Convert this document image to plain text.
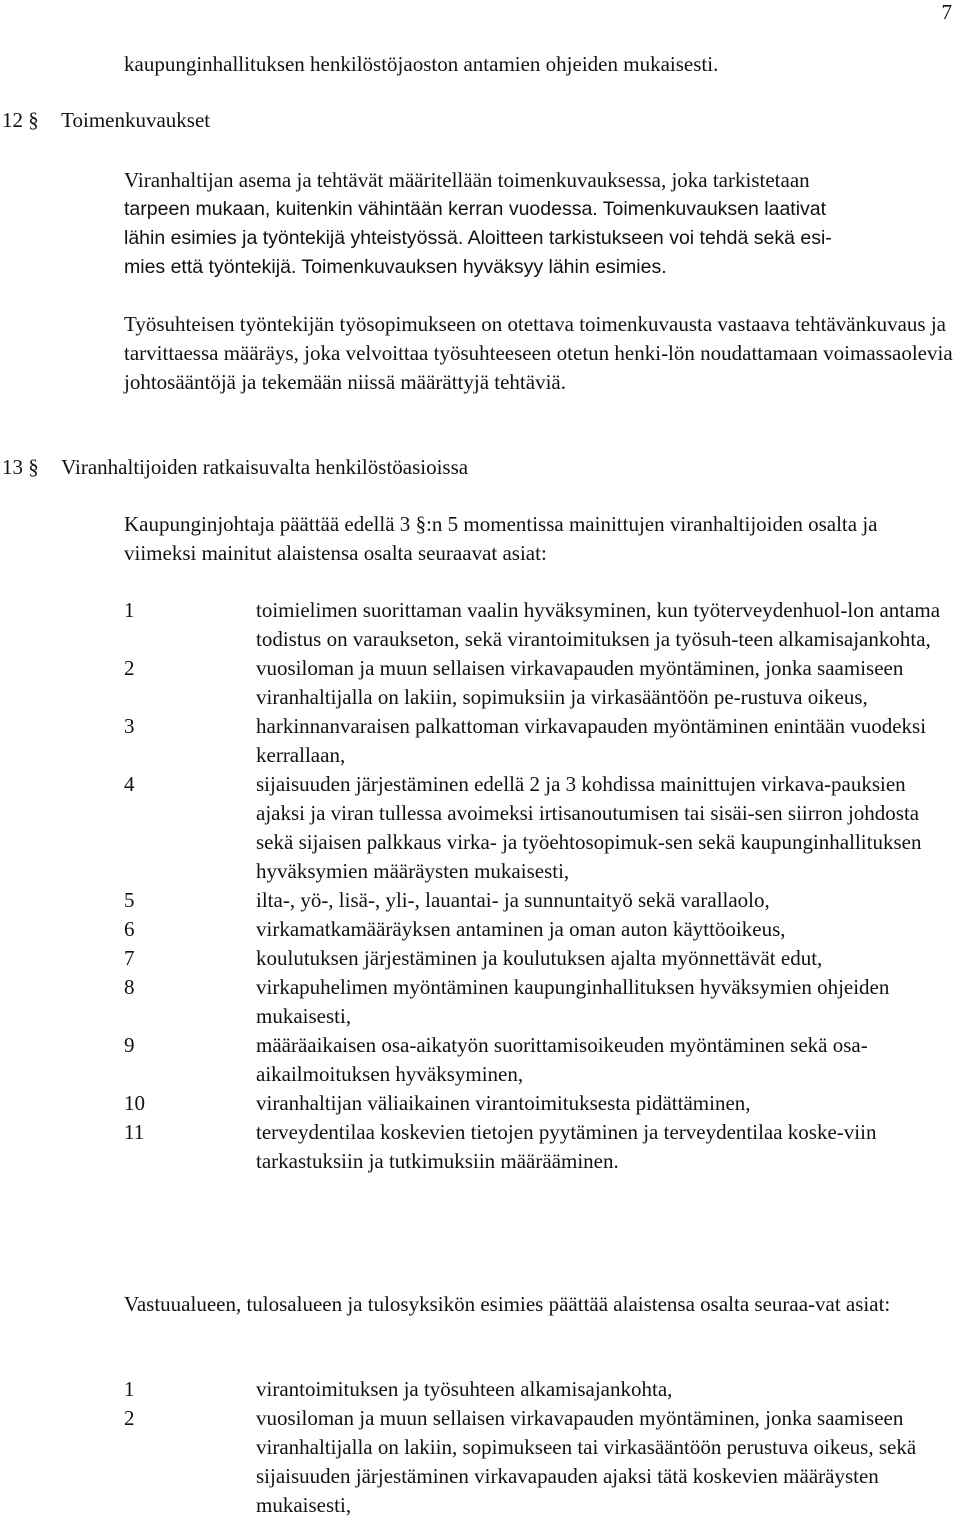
7

kaupunginhallituksen henkilöstöjaoston antamien ohjeiden mukaisesti.

12 § Toimenkuvaukset
Viranhaltijan asema ja tehtävät määritellään toimenkuvauksessa, joka tarkistetaan
tarpeen mukaan, kuitenkin vähintään kerran vuodessa. Toimenkuvauksen laativat
lähin esimies ja työntekijä yhteistyössä. Aloitteen tarkistukseen voi tehdä sekä esi-
mies että työntekijä. Toimenkuvauksen hyväksyy lähin esimies.

Työsuhteisen työntekijän työsopimukseen on otettava toimenkuvausta vastaava tehtävänkuvaus ja tarvittaessa määräys, joka velvoittaa työsuhteeseen otetun henki-lön noudattamaan voimassaolevia johtosääntöjä ja tekemään niissä määrättyjä tehtäviä.

13 § Viranhaltijoiden ratkaisuvalta henkilöstöasioissa

Kaupunginjohtaja päättää edellä 3 §:n 5 momentissa mainittujen viranhaltijoiden osalta ja viimeksi mainitut alaistensa osalta seuraavat asiat:

1	toimielimen suorittaman vaalin hyväksyminen, kun työterveydenhuol-lon antama todistus on varaukseton, sekä virantoimituksen ja työsuh-teen alkamisajankohta,
2	vuosiloman ja muun sellaisen virkavapauden myöntäminen, jonka saamiseen viranhaltijalla on lakiin, sopimuksiin ja virkasääntöön pe-rustuva oikeus,
3	harkinnanvaraisen palkattoman virkavapauden myöntäminen enintään vuodeksi kerrallaan,
4	sijaisuuden järjestäminen edellä 2 ja 3 kohdissa mainittujen virkava-pauksien ajaksi ja viran tullessa avoimeksi irtisanoutumisen tai sisäi-sen siirron johdosta sekä sijaisen palkkaus virka- ja työehtosopimuk-sen sekä kaupunginhallituksen hyväksymien määräysten mukaisesti,
5	ilta-, yö-, lisä-, yli-, lauantai- ja sunnuntaityö sekä varallaolo,
6	virkamatkamääräyksen antaminen ja oman auton käyttöoikeus,
7	koulutuksen järjestäminen ja koulutuksen ajalta myönnettävät edut,
8	virkapuhelimen myöntäminen kaupunginhallituksen hyväksymien ohjeiden mukaisesti,
9	määräaikaisen osa-aikatyön suorittamisoikeuden myöntäminen sekä osa-aikailmoituksen hyväksyminen,
10	viranhaltijan väliaikainen virantoimituksesta pidättäminen,
11	terveydentilaa koskevien tietojen pyytäminen ja terveydentilaa koske-viin tarkastuksiin ja tutkimuksiin määrääminen.

Vastuualueen, tulosalueen ja tulosyksikön esimies päättää alaistensa osalta seuraa-vat asiat:

1	virantoimituksen ja työsuhteen alkamisajankohta,
2	vuosiloman ja muun sellaisen virkavapauden myöntäminen, jonka saamiseen viranhaltijalla on lakiin, sopimukseen tai virkasääntöön perustuva oikeus, sekä sijaisuuden järjestäminen virkavapauden ajaksi tätä koskevien määräysten mukaisesti,
